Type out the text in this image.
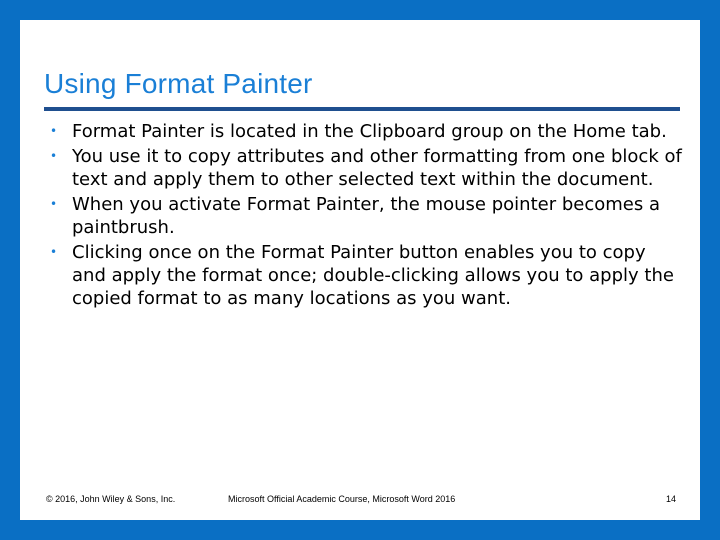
Using Format Painter
• Format Painter is located in the Clipboard group on the Home tab.
• You use it to copy attributes and other formatting from one block of text and apply them to other selected text within the document.
• When you activate Format Painter, the mouse pointer becomes a paintbrush.
• Clicking once on the Format Painter button enables you to copy and apply the format once; double-clicking allows you to apply the copied format to as many locations as you want.
© 2016, John Wiley & Sons, Inc.	Microsoft Official Academic Course, Microsoft Word 2016	14
